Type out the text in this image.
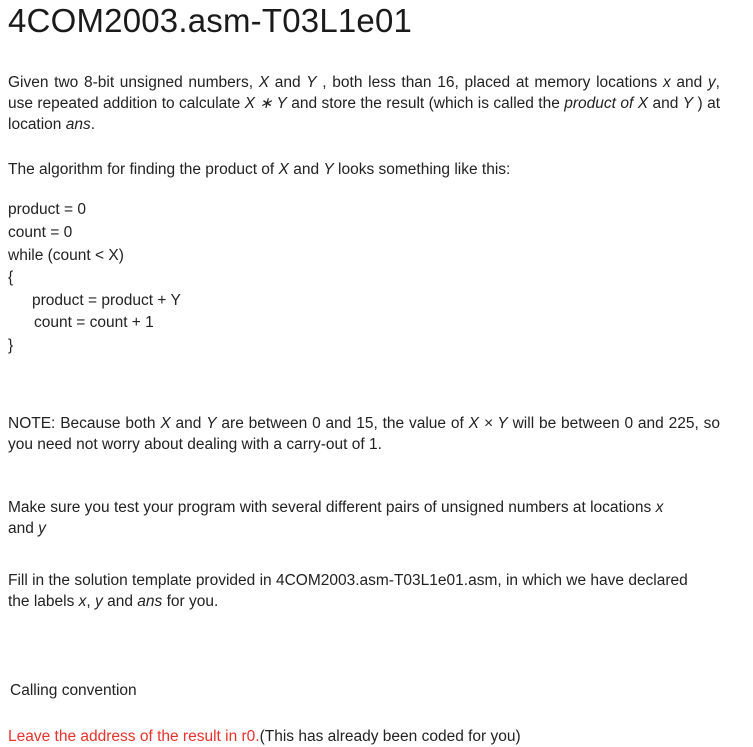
4COM2003.asm-T03L1e01

Given two 8-bit unsigned numbers, X and Y , both less than 16, placed at memory locations x and y, use repeated addition to calculate X ∗ Y and store the result (which is called the product of X and Y ) at location ans.

The algorithm for finding the product of X and Y looks something like this:

product = 0
count = 0
while (count < X)
{
product = product + Y
count = count + 1
}

NOTE: Because both X and Y are between 0 and 15, the value of X × Y will be between 0 and 225, so you need not worry about dealing with a carry-out of 1.

Make sure you test your program with several different pairs of unsigned numbers at locations x and y

Fill in the solution template provided in 4COM2003.asm-T03L1e01.asm, in which we have declared the labels x, y and ans for you.

Calling convention

Leave the address of the result in r0.(This has already been coded for you)
